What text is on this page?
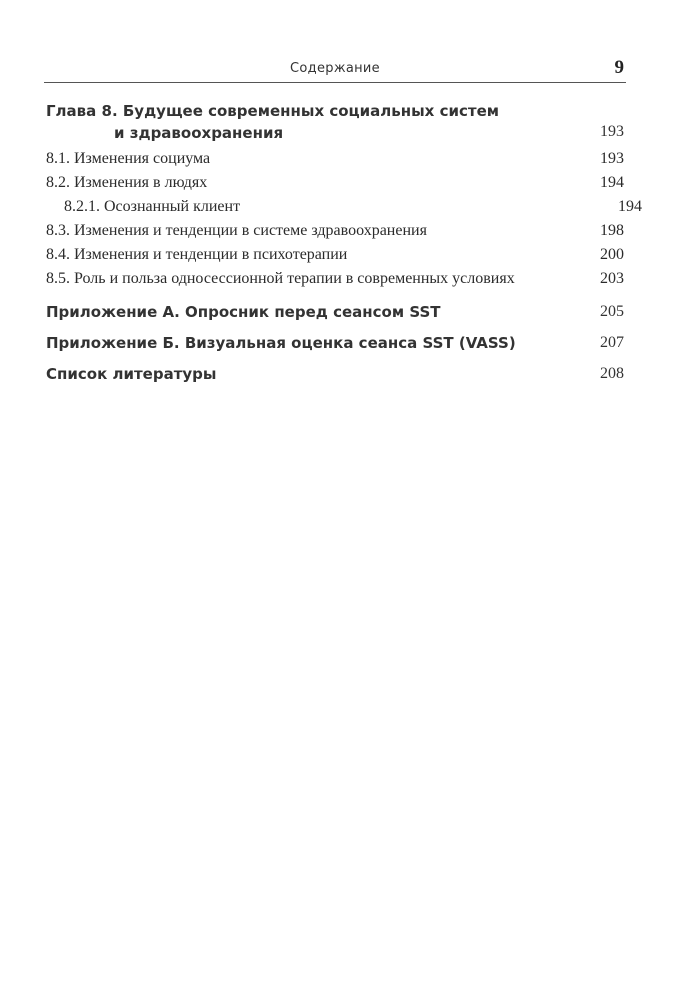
Содержание	9
Глава 8. Будущее современных социальных систем
и здравоохранения	193
8.1. Изменения социума	193
8.2. Изменения в людях	194
8.2.1. Осознанный клиент	194
8.3. Изменения и тенденции в системе здравоохранения	198
8.4. Изменения и тенденции в психотерапии	200
8.5. Роль и польза односессионной терапии в современных условиях	203
Приложение А. Опросник перед сеансом SST	205
Приложение Б. Визуальная оценка сеанса SST (VASS)	207
Список литературы	208
